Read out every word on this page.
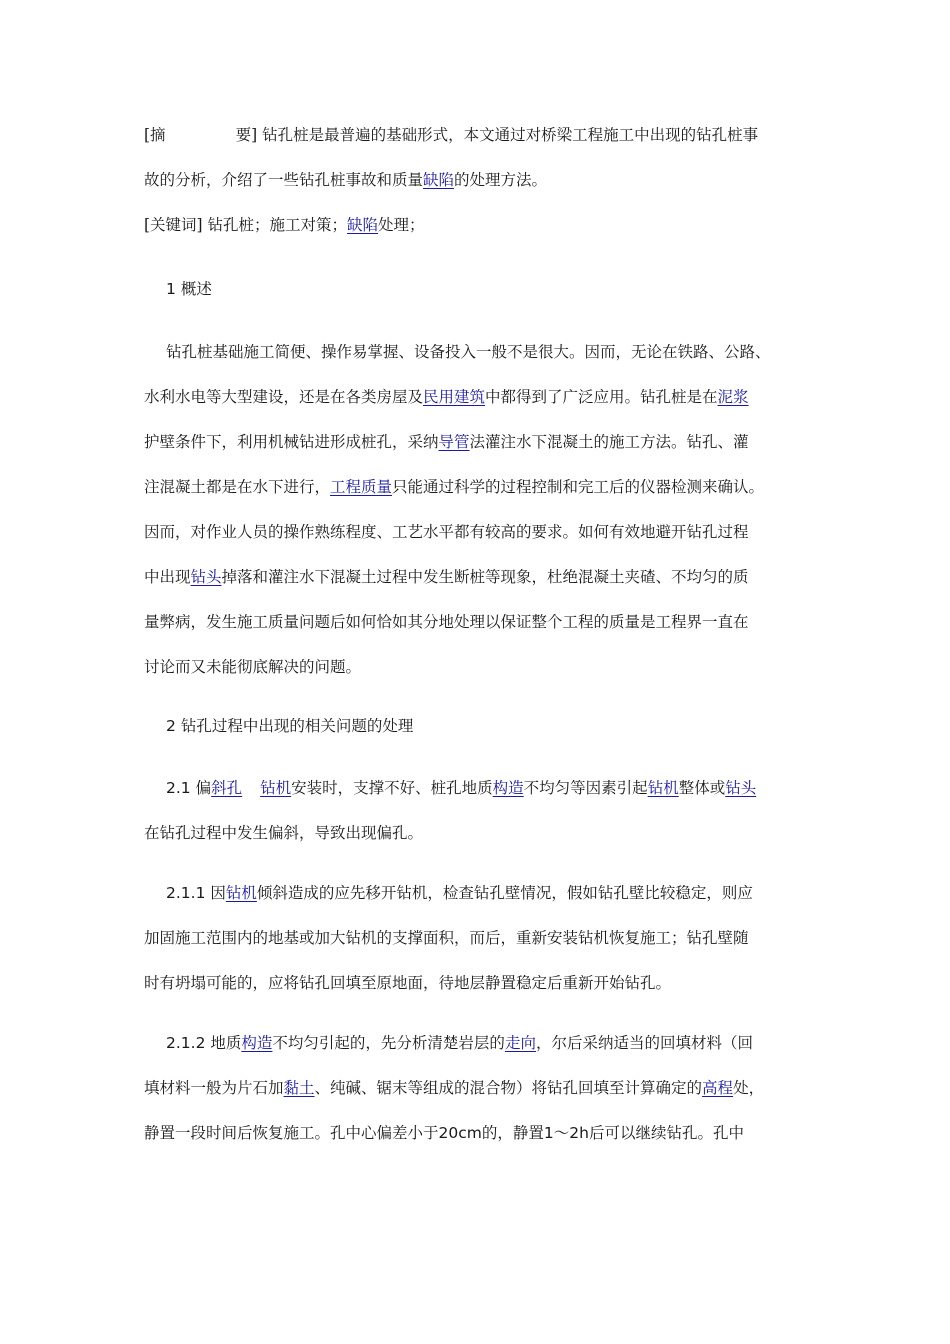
[摘	要] 钻孔桩是最普遍的基础形式，本文通过对桥梁工程施工中出现的钻孔桩事
故的分析，介绍了一些钻孔桩事故和质量缺陷的处理方法。
[关键词] 钻孔桩；施工对策；缺陷处理；

1 概述

钻孔桩基础施工简便、操作易掌握、设备投入一般不是很大。因而，无论在铁路、公路、
水利水电等大型建设，还是在各类房屋及民用建筑中都得到了广泛应用。钻孔桩是在泥浆
护壁条件下，利用机械钻进形成桩孔，采纳导管法灌注水下混凝土的施工方法。钻孔、灌
注混凝土都是在水下进行，工程质量只能通过科学的过程控制和完工后的仪器检测来确认。
因而，对作业人员的操作熟练程度、工艺水平都有较高的要求。如何有效地避开钻孔过程
中出现钻头掉落和灌注水下混凝土过程中发生断桩等现象，杜绝混凝土夹碴、不均匀的质
量弊病，发生施工质量问题后如何恰如其分地处理以保证整个工程的质量是工程界一直在
讨论而又未能彻底解决的问题。

2 钻孔过程中出现的相关问题的处理

2.1 偏斜孔 钻机安装时，支撑不好、桩孔地质构造不均匀等因素引起钻机整体或钻头
在钻孔过程中发生偏斜，导致出现偏孔。
2.1.1 因钻机倾斜造成的应先移开钻机，检查钻孔壁情况，假如钻孔壁比较稳定，则应
加固施工范围内的地基或加大钻机的支撑面积，而后，重新安装钻机恢复施工；钻孔壁随
时有坍塌可能的，应将钻孔回填至原地面，待地层静置稳定后重新开始钻孔。
2.1.2 地质构造不均匀引起的，先分析清楚岩层的走向，尔后采纳适当的回填材料（回
填材料一般为片石加黏土、纯碱、锯末等组成的混合物）将钻孔回填至计算确定的高程处，
静置一段时间后恢复施工。孔中心偏差小于20cm的，静置1～2h后可以继续钻孔。孔中
